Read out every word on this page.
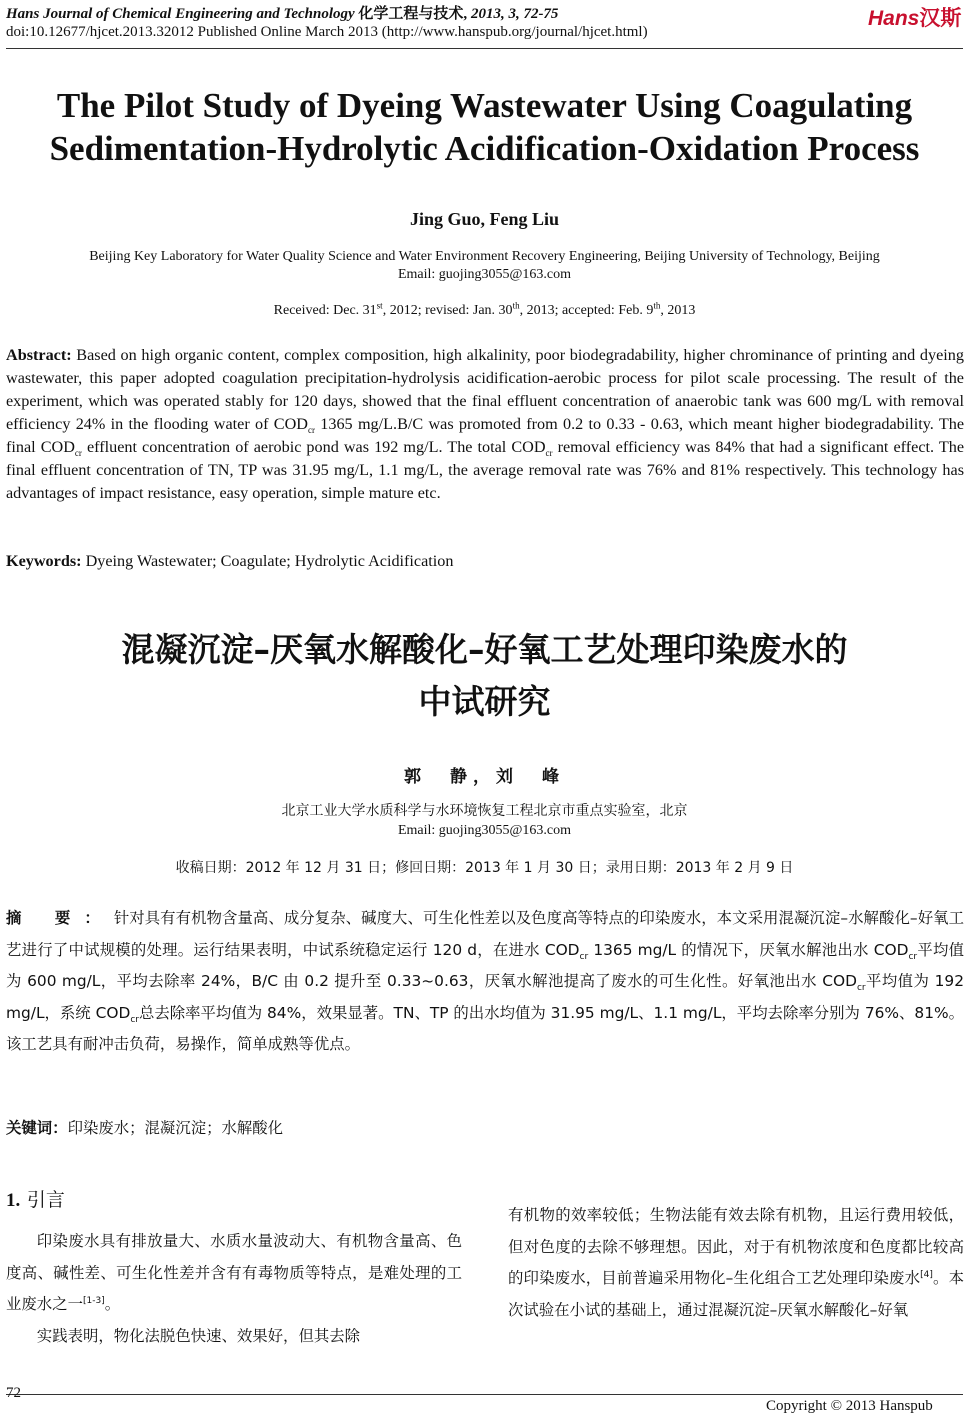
Hans Journal of Chemical Engineering and Technology 化学工程与技术, 2013, 3, 72-75
doi:10.12677/hjcet.2013.32012 Published Online March 2013 (http://www.hanspub.org/journal/hjcet.html)
Hans汉斯
The Pilot Study of Dyeing Wastewater Using Coagulating Sedimentation-Hydrolytic Acidification-Oxidation Process
Jing Guo, Feng Liu
Beijing Key Laboratory for Water Quality Science and Water Environment Recovery Engineering, Beijing University of Technology, Beijing
Email: guojing3055@163.com
Received: Dec. 31st, 2012; revised: Jan. 30th, 2013; accepted: Feb. 9th, 2013
Abstract: Based on high organic content, complex composition, high alkalinity, poor biodegradability, higher chrominance of printing and dyeing wastewater, this paper adopted coagulation precipitation-hydrolysis acidification-aerobic process for pilot scale processing. The result of the experiment, which was operated stably for 120 days, showed that the final effluent concentration of anaerobic tank was 600 mg/L with removal efficiency 24% in the flooding water of $COD_{cr}$ 1365 mg/L.B/C was promoted from 0.2 to 0.33 - 0.63, which meant higher biodegradability. The final $COD_{cr}$ effluent concentration of aerobic pond was 192 mg/L. The total $COD_{cr}$ removal efficiency was 84% that had a significant effect. The final effluent concentration of TN, TP was 31.95 mg/L, 1.1 mg/L, the average removal rate was 76% and 81% respectively. This technology has advantages of impact resistance, easy operation, simple mature etc.
Keywords: Dyeing Wastewater; Coagulate; Hydrolytic Acidification
混凝沉淀–厌氧水解酸化–好氧工艺处理印染废水的
中试研究
郭　静，刘　峰
北京工业大学水质科学与水环境恢复工程北京市重点实验室，北京
Email: guojing3055@163.com
收稿日期：2012 年 12 月 31 日；修回日期：2013 年 1 月 30 日；录用日期：2013 年 2 月 9 日
摘 要：针对具有有机物含量高、成分复杂、碱度大、可生化性差以及色度高等特点的印染废水，本文采用混凝沉淀–水解酸化–好氧工艺进行了中试规模的处理。运行结果表明，中试系统稳定运行 120 d，在进水 $COD_{cr}$ 1365 mg/L 的情况下，厌氧水解池出水 $COD_{cr}$平均值为 600 mg/L，平均去除率 24%，B/C 由 0.2 提升至 0.33~0.63，厌氧水解池提高了废水的可生化性。好氧池出水 $COD_{cr}$平均值为 192 mg/L，系统 $COD_{cr}$总去除率平均值为 84%，效果显著。TN、TP 的出水均值为 31.95 mg/L、1.1 mg/L，平均去除率分别为 76%、81%。该工艺具有耐冲击负荷，易操作，简单成熟等优点。
关键词：印染废水；混凝沉淀；水解酸化
1. 引言

印染废水具有排放量大、水质水量波动大、有机物含量高、色度高、碱性差、可生化性差并含有有毒物质等特点，是难处理的工业废水之一[1-3]。

实践表明，物化法脱色快速、效果好，但其去除

有机物的效率较低；生物法能有效去除有机物，且运行费用较低，但对色度的去除不够理想。因此，对于有机物浓度和色度都比较高的印染废水，目前普遍采用物化–生化组合工艺处理印染废水[4]。本次试验在小试的基础上，通过混凝沉淀–厌氧水解酸化–好氧
72
Copyright © 2013 Hanspub
